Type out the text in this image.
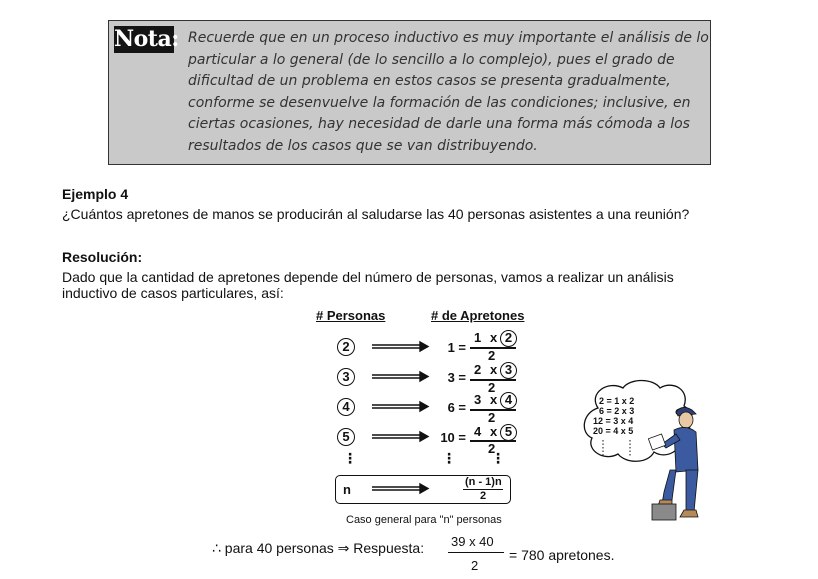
Nota: Recuerde que en un proceso inductivo es muy importante el análisis de lo
particular a lo general (de lo sencillo a lo complejo), pues el grado de
dificultad de un problema en estos casos se presenta gradualmente,
conforme se desenvuelve la formación de las condiciones; inclusive, en
ciertas ocasiones, hay necesidad de darle una forma más cómoda a los
resultados de los casos que se van distribuyendo.
Ejemplo 4
¿Cuántos apretones de manos se producirán al saludarse las 40 personas asistentes a una reunión?
Resolución:
Dado que la cantidad de apretones depende del número de personas, vamos a realizar un análisis
inductivo de casos particulares, así:
# Personas	# de Apretones
2	1 =
1 x 2
2
3	3 =
2 x 3
2
4	6 =
3 x 4
2
5	10 = 4 x 5
2
⋮	⋮	⋮
n	(n - 1)n
2
Caso general para "n" personas
2 = 1 x 2
6 = 2 x 3
12 = 3 x 4
20 = 4 x 5
∴ para 40 personas ⇒ Respuesta: 39 x 40
2
= 780 apretones.
